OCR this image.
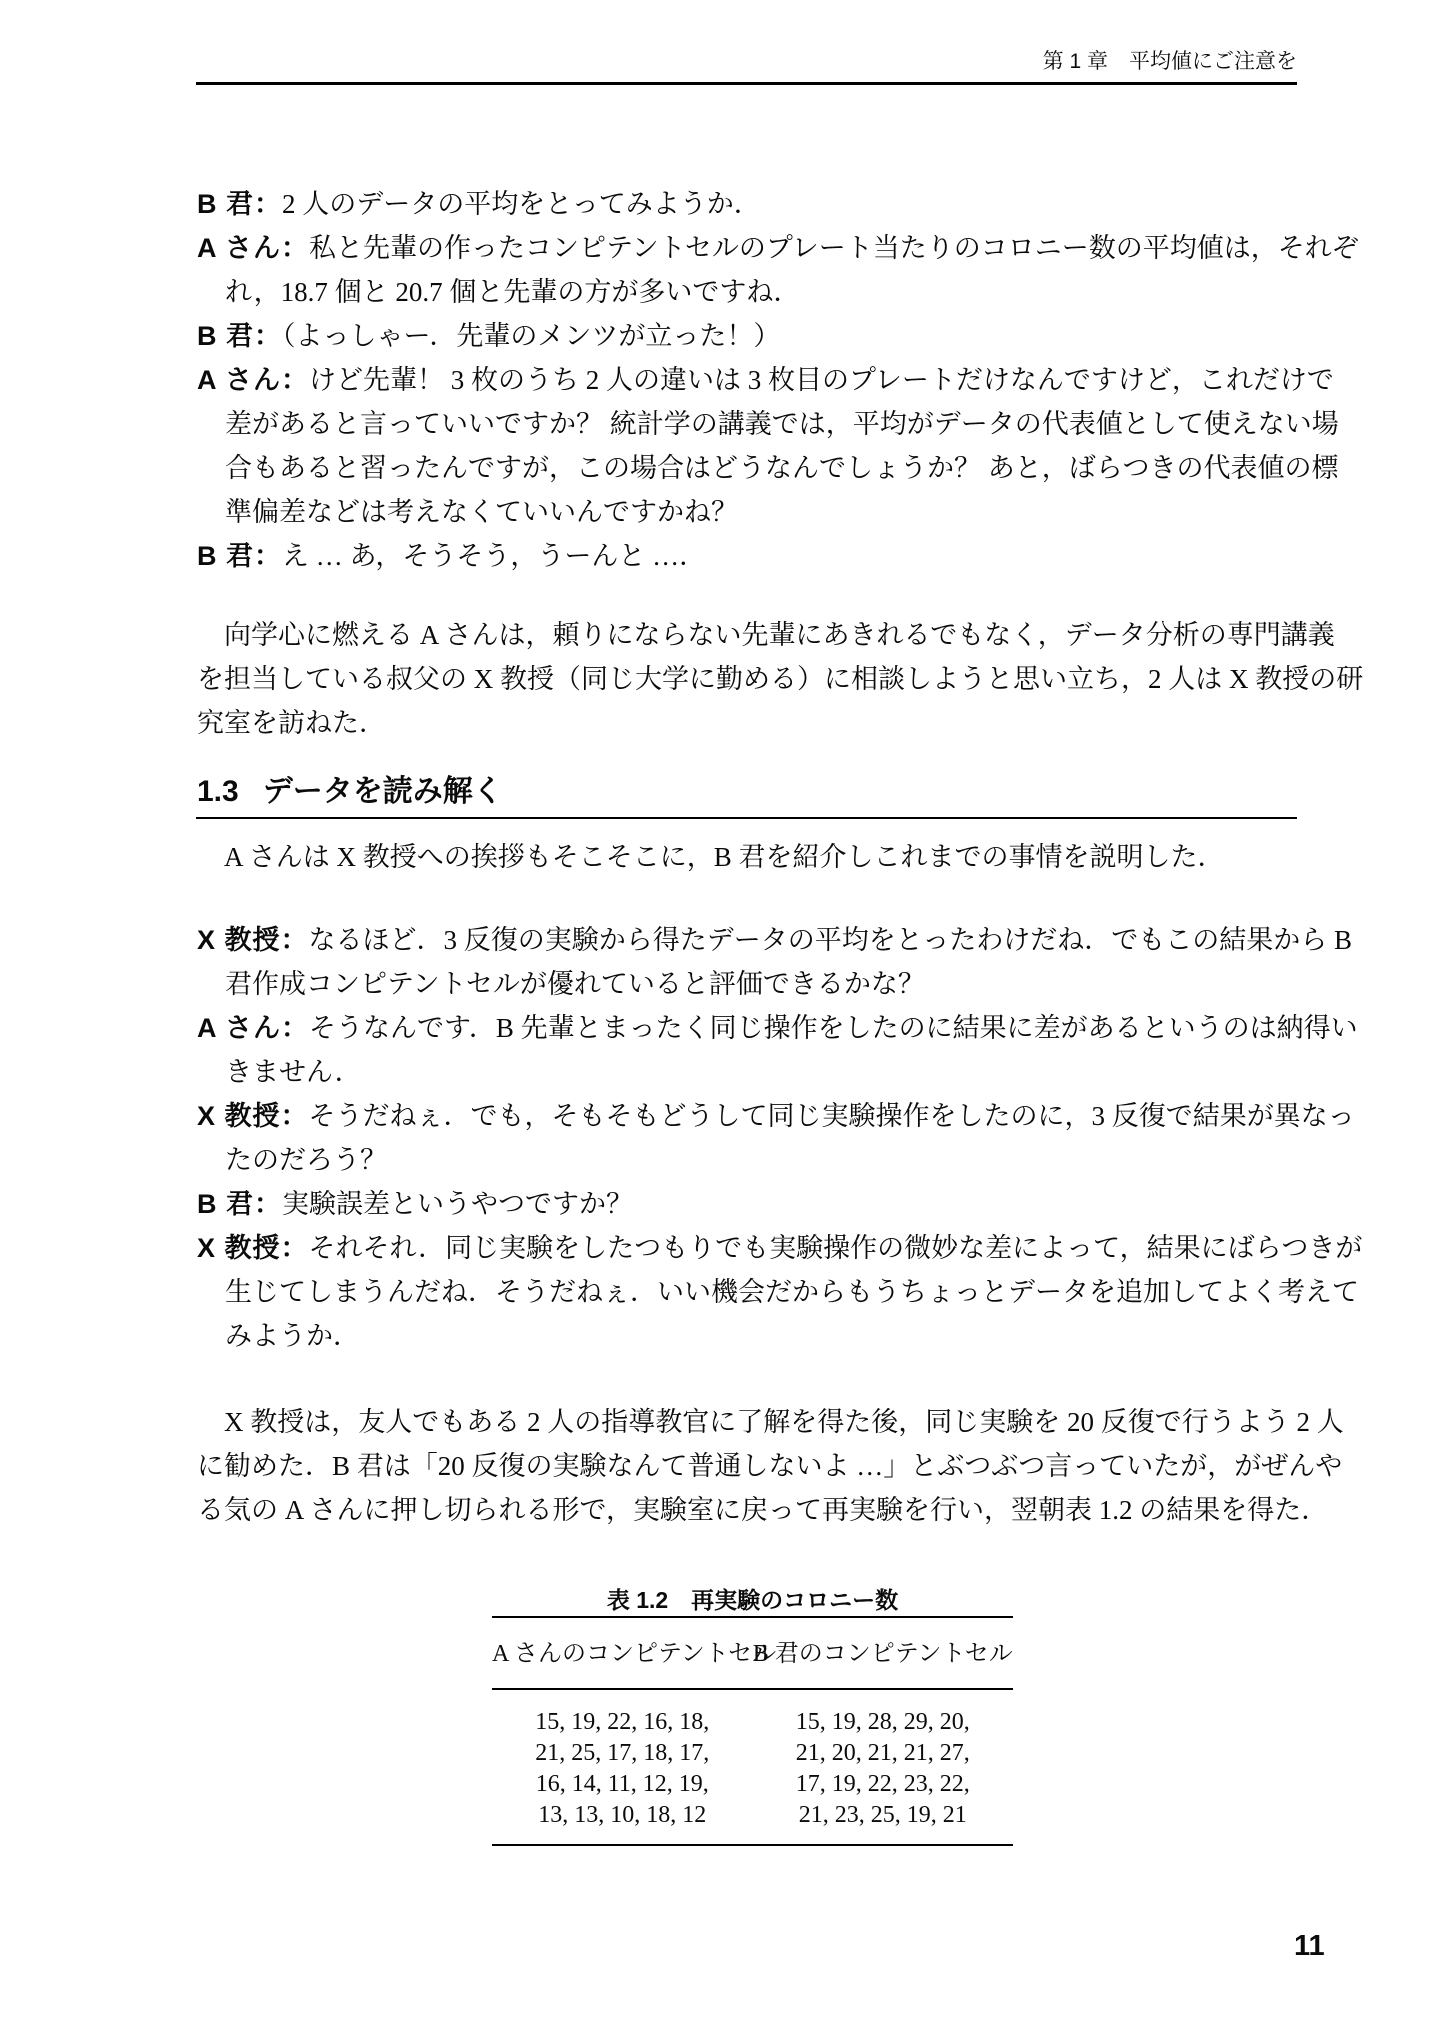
第 1 章　平均値にご注意を
B 君：2 人のデータの平均をとってみようか．
A さん：私と先輩の作ったコンピテントセルのプレート当たりのコロニー数の平均値は，それぞ
れ，18.7 個と 20.7 個と先輩の方が多いですね．
B 君：（よっしゃー．先輩のメンツが立った！）
A さん：けど先輩！ 3 枚のうち 2 人の違いは 3 枚目のプレートだけなんですけど，これだけで
差があると言っていいですか？ 統計学の講義では，平均がデータの代表値として使えない場
合もあると習ったんですが，この場合はどうなんでしょうか？ あと，ばらつきの代表値の標
準偏差などは考えなくていいんですかね？
B 君：え … あ，そうそう，うーんと …．
向学心に燃える A さんは，頼りにならない先輩にあきれるでもなく，データ分析の専門講義
を担当している叔父の X 教授（同じ大学に勤める）に相談しようと思い立ち，2 人は X 教授の研
究室を訪ねた．
1.3 データを読み解く
A さんは X 教授への挨拶もそこそこに，B 君を紹介しこれまでの事情を説明した．
X 教授：なるほど．3 反復の実験から得たデータの平均をとったわけだね．でもこの結果から B
君作成コンピテントセルが優れていると評価できるかな？
A さん：そうなんです．B 先輩とまったく同じ操作をしたのに結果に差があるというのは納得い
きません．
X 教授：そうだねぇ．でも，そもそもどうして同じ実験操作をしたのに，3 反復で結果が異なっ
たのだろう？
B 君：実験誤差というやつですか？
X 教授：それそれ．同じ実験をしたつもりでも実験操作の微妙な差によって，結果にばらつきが
生じてしまうんだね．そうだねぇ．いい機会だからもうちょっとデータを追加してよく考えて
みようか．
X 教授は，友人でもある 2 人の指導教官に了解を得た後，同じ実験を 20 反復で行うよう 2 人
に勧めた．B 君は「20 反復の実験なんて普通しないよ …」とぶつぶつ言っていたが，がぜんや
る気の A さんに押し切られる形で，実験室に戻って再実験を行い，翌朝表 1.2 の結果を得た．
表 1.2　再実験のコロニー数
A さんのコンピテントセル
B 君のコンピテントセル
15, 19, 22, 16, 18,
21, 25, 17, 18, 17,
16, 14, 11, 12, 19,
13, 13, 10, 18, 12
15, 19, 28, 29, 20,
21, 20, 21, 21, 27,
17, 19, 22, 23, 22,
21, 23, 25, 19, 21
11
